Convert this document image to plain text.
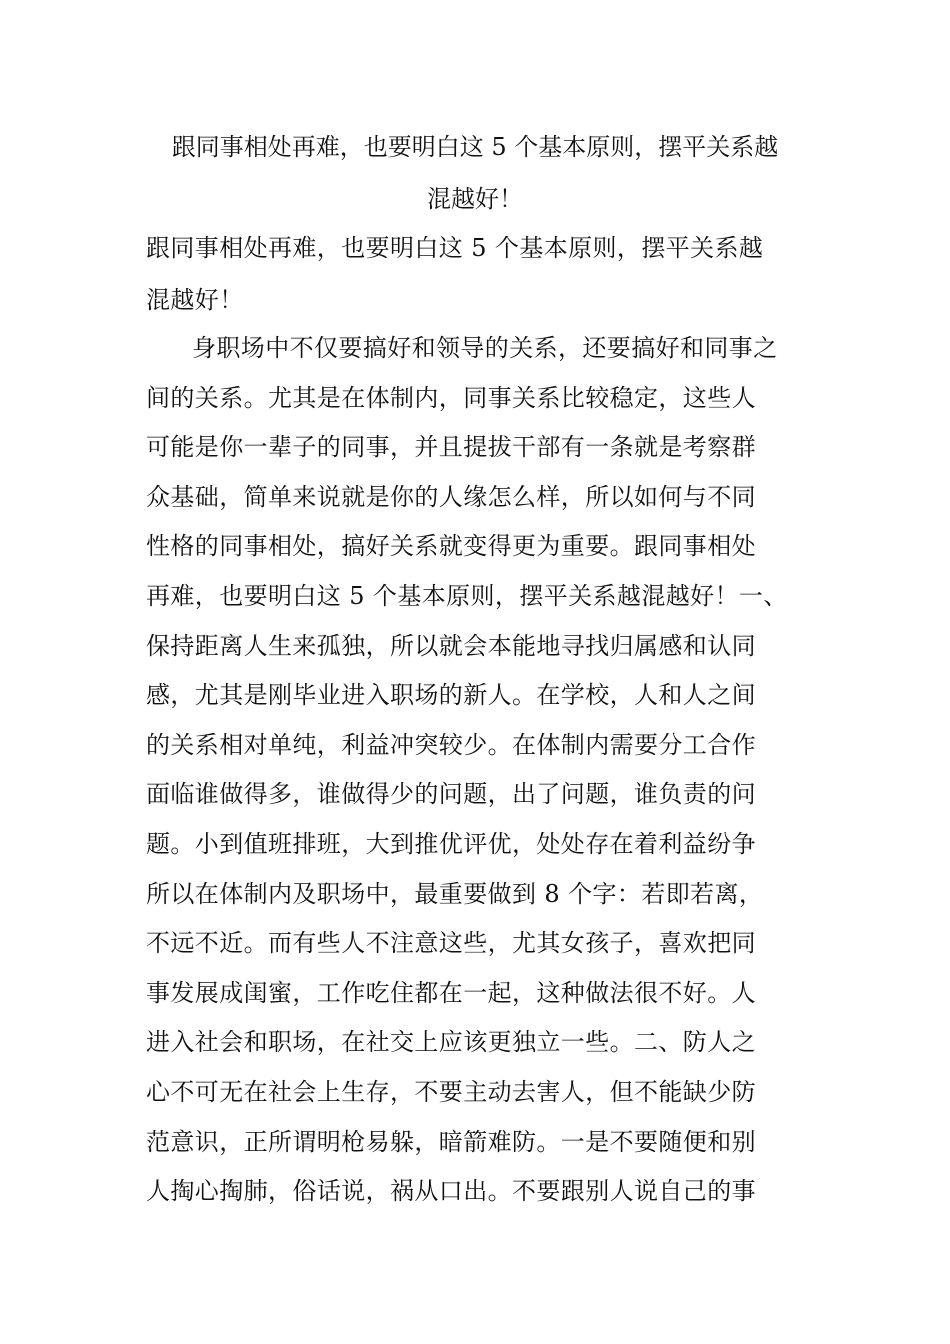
跟同事相处再难，也要明白这 5 个基本原则，摆平关系越
混越好！
跟同事相处再难，也要明白这 5 个基本原则，摆平关系越
混越好！
身职场中不仅要搞好和领导的关系，还要搞好和同事之
间的关系。尤其是在体制内，同事关系比较稳定，这些人
可能是你一辈子的同事，并且提拔干部有一条就是考察群
众基础，简单来说就是你的人缘怎么样，所以如何与不同
性格的同事相处，搞好关系就变得更为重要。跟同事相处
再难，也要明白这 5 个基本原则，摆平关系越混越好！一、
保持距离人生来孤独，所以就会本能地寻找归属感和认同
感，尤其是刚毕业进入职场的新人。在学校，人和人之间
的关系相对单纯，利益冲突较少。在体制内需要分工合作
面临谁做得多，谁做得少的问题，出了问题，谁负责的问
题。小到值班排班，大到推优评优，处处存在着利益纷争
所以在体制内及职场中，最重要做到 8 个字：若即若离，
不远不近。而有些人不注意这些，尤其女孩子，喜欢把同
事发展成闺蜜，工作吃住都在一起，这种做法很不好。人
进入社会和职场，在社交上应该更独立一些。二、防人之
心不可无在社会上生存，不要主动去害人，但不能缺少防
范意识，正所谓明枪易躲，暗箭难防。一是不要随便和别
人掏心掏肺，俗话说，祸从口出。不要跟别人说自己的事
